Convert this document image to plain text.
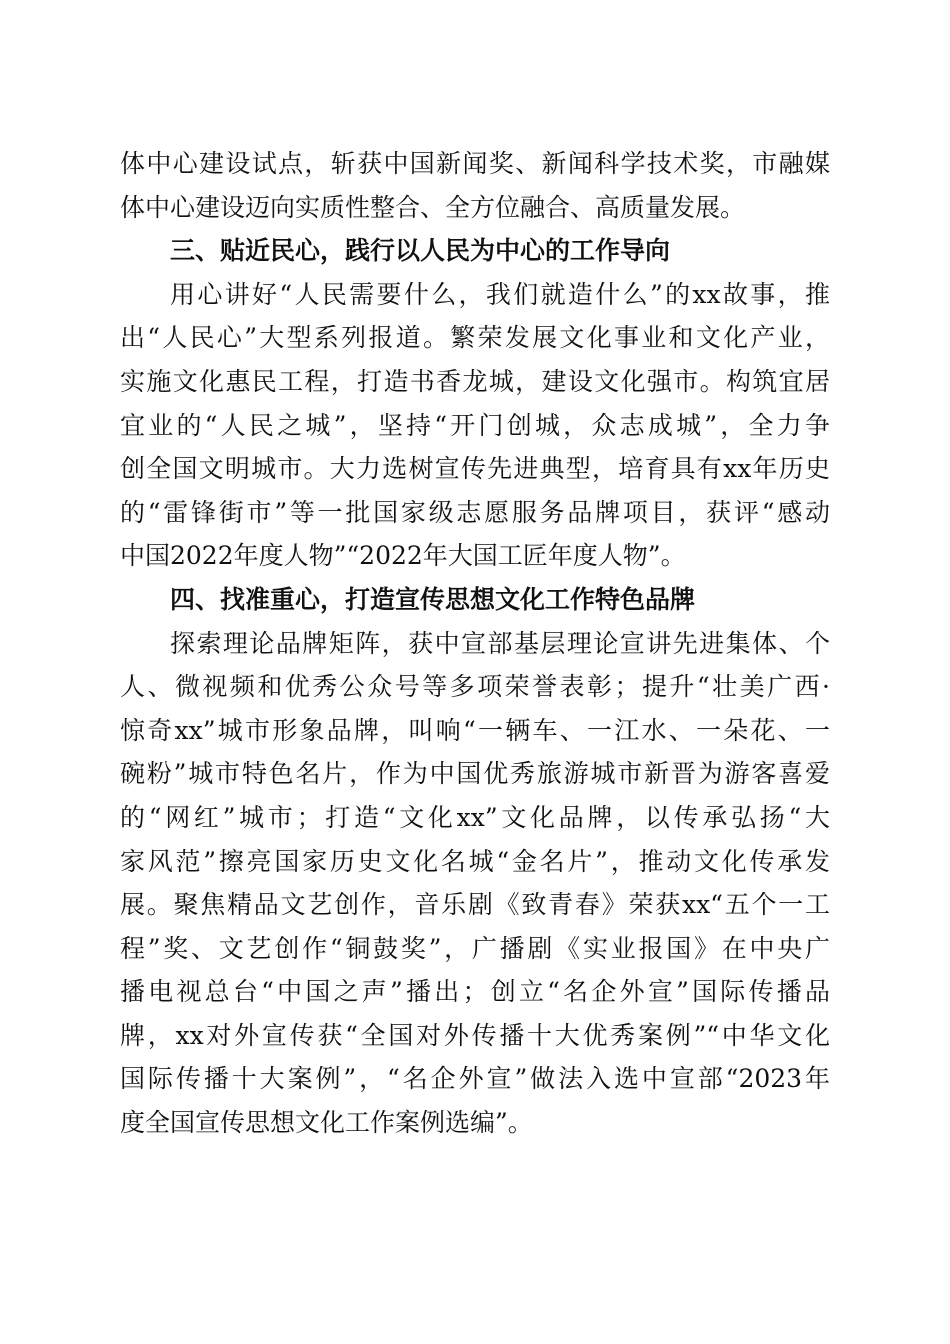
体中心建设试点，斩获中国新闻奖、新闻科学技术奖，市融媒
体中心建设迈向实质性整合、全方位融合、高质量发展。
三、贴近民心，践行以人民为中心的工作导向
用心讲好“人民需要什么，我们就造什么”的xx故事，推
出“人民心”大型系列报道。繁荣发展文化事业和文化产业，
实施文化惠民工程，打造书香龙城，建设文化强市。构筑宜居
宜业的“人民之城”，坚持“开门创城，众志成城”，全力争
创全国文明城市。大力选树宣传先进典型，培育具有xx年历史
的“雷锋街市”等一批国家级志愿服务品牌项目，获评“感动
中国2022年度人物”“2022年大国工匠年度人物”。
四、找准重心，打造宣传思想文化工作特色品牌
探索理论品牌矩阵，获中宣部基层理论宣讲先进集体、个
人、微视频和优秀公众号等多项荣誉表彰；提升“壮美广西·
惊奇xx”城市形象品牌，叫响“一辆车、一江水、一朵花、一
碗粉”城市特色名片，作为中国优秀旅游城市新晋为游客喜爱
的“网红”城市；打造“文化xx”文化品牌，以传承弘扬“大
家风范”擦亮国家历史文化名城“金名片”，推动文化传承发
展。聚焦精品文艺创作，音乐剧《致青春》荣获xx“五个一工
程”奖、文艺创作“铜鼓奖”，广播剧《实业报国》在中央广
播电视总台“中国之声”播出；创立“名企外宣”国际传播品
牌，xx对外宣传获“全国对外传播十大优秀案例”“中华文化
国际传播十大案例”，“名企外宣”做法入选中宣部“2023年
度全国宣传思想文化工作案例选编”。
